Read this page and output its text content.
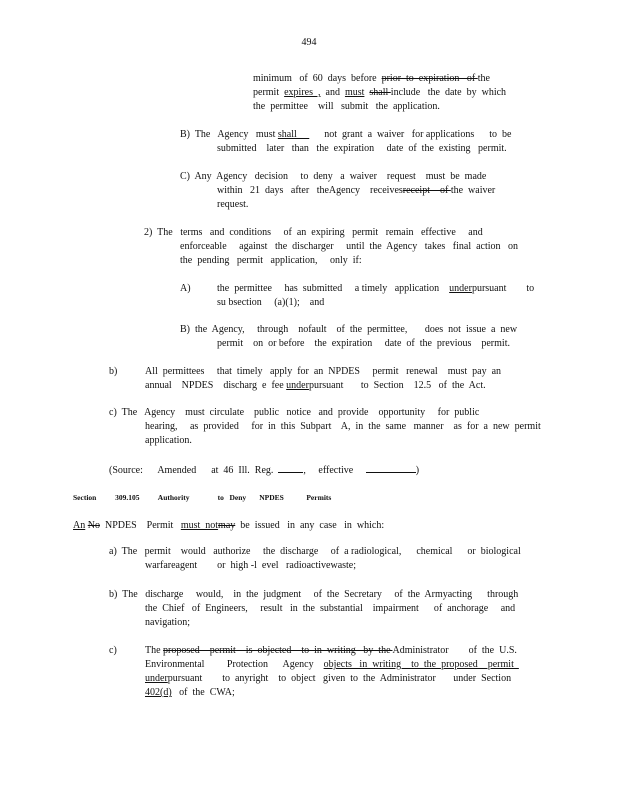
494
minimum   of  60  days  before  prior  to  expiration   of the
permit  expires  ,  and  must shall include   the  date  by  which
the  permittee    will   submit   the  application.
B)  The   Agency   must shall           not  grant  a  waiver   for applications      to  be
submitted    later   than   the  expiration     date  of  the  existing   permit.
C)  Any  Agency   decision     to  deny   a  waiver    request    must  be  made
within   21  days   after   theAgency    receivesreceipt    of the  waiver
request.
2)  The   terms   and  conditions     of  an  expiring   permit   remain   effective     and
enforceable     against   the  discharger     until  the  Agency   takes   final  action   on
the  pending   permit   application,     only  if:
A)	the  permittee     has  submitted     a timely   application    underpursuant        to
su bsection     (a)(1);    and
B)  the  Agency,     through    nofault    of  the  permittee,       does  not  issue  a  new
permit    on  or before    the  expiration     date  of  the  previous    permit.
b)	All  permittees     that  timely   apply  for  an  NPDES     permit   renewal    must  pay  an
annual    NPDES    discharg  e  fee underpursuant       to  Section    12.5   of  the  Act.
c)  The   Agency    must  circulate    public   notice   and  provide    opportunity     for  public
hearing,     as  provided     for  in  this  Subpart    A,  in  the  same   manner    as  for  a  new  permit
application.
(Source:      Amended      at  46  Ill.  Reg.	,     effective	)
Section          309.105          Authority               to   Deny       NPDES            Permits
An No  NPDES    Permit   must  notmay  be  issued   in  any  case   in  which:
a)  The   permit    would   authorize     the  discharge     of  a radiological,      chemical      or  biological
warfareagent        or  high -l  evel   radioactivewaste;
b)  The   discharge     would,    in  the  judgment     of  the  Secretary     of  the  Armyacting      through
the  Chief   of  Engineers,     result   in  the  substantial    impairment      of  anchorage     and
navigation;
c)	The proposed    permit    is  objected    to  in  writing   by  the Administrator        of  the  U.S.
Environmental         Protection      Agency    objects   in  writing    to  the  proposed    permit
underpursuant        to  anyright    to  object   given  to  the  Administrator       under  Section
402(d)   of  the  CWA;
